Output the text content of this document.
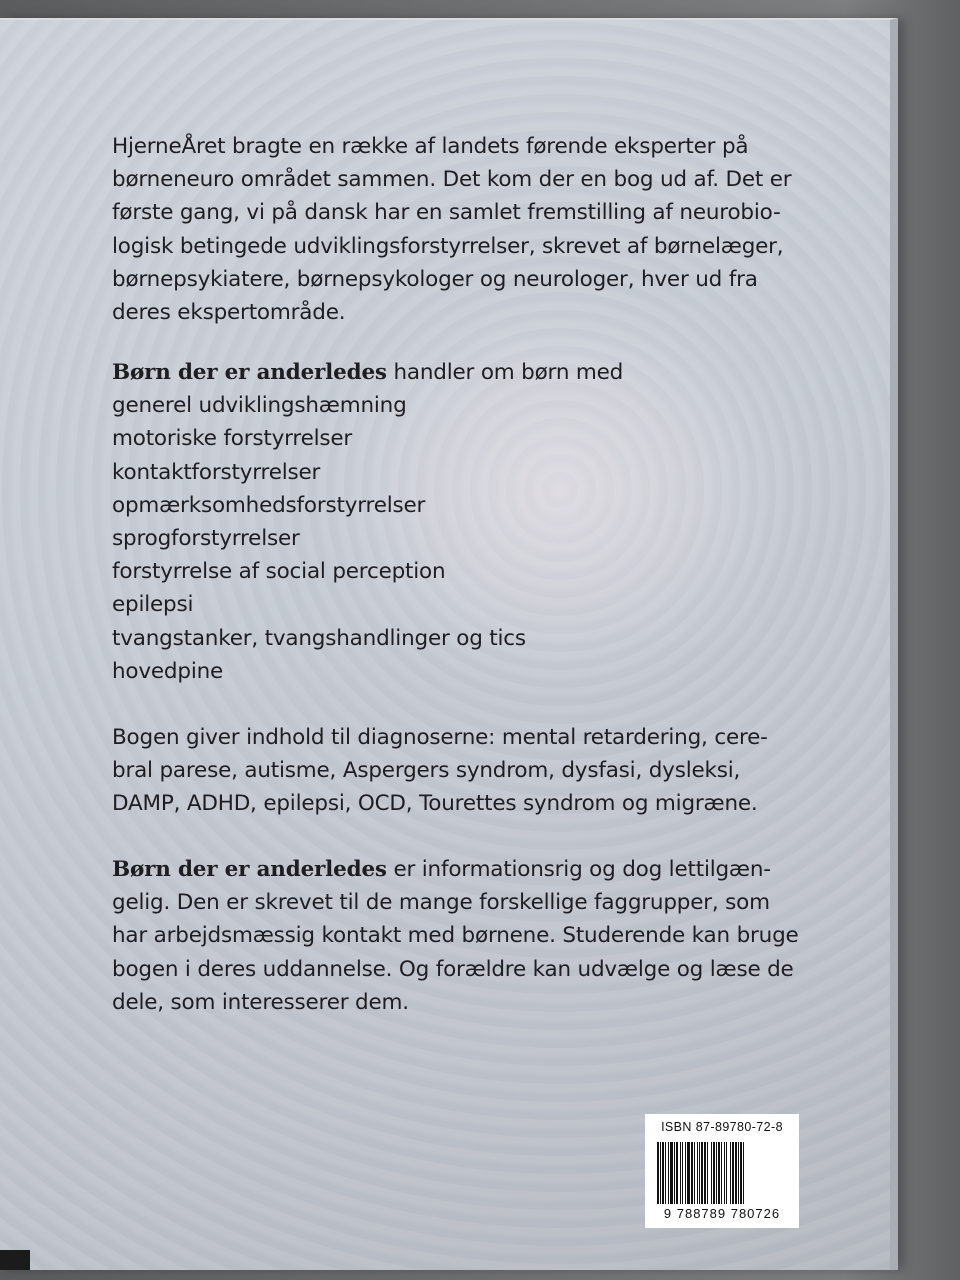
HjerneÅret bragte en række af landets førende eksperter på
børneneuro området sammen. Det kom der en bog ud af. Det er
første gang, vi på dansk har en samlet fremstilling af neurobio-
logisk betingede udviklingsforstyrrelser, skrevet af børnelæger,
børnepsykiatere, børnepsykologer og neurologer, hver ud fra
deres ekspertområde.
Børn der er anderledes handler om børn med
generel udviklingshæmning
motoriske forstyrrelser
kontaktforstyrrelser
opmærksomhedsforstyrrelser
sprogforstyrrelser
forstyrrelse af social perception
epilepsi
tvangstanker, tvangshandlinger og tics
hovedpine
Bogen giver indhold til diagnoserne: mental retardering, cere-
bral parese, autisme, Aspergers syndrom, dysfasi, dysleksi,
DAMP, ADHD, epilepsi, OCD, Tourettes syndrom og migræne.
Børn der er anderledes er informationsrig og dog lettilgæn-
gelig. Den er skrevet til de mange forskellige faggrupper, som
har arbejdsmæssig kontakt med børnene. Studerende kan bruge
bogen i deres uddannelse. Og forældre kan udvælge og læse de
dele, som interesserer dem.
ISBN 87-89780-72-8
9 788789 780726
